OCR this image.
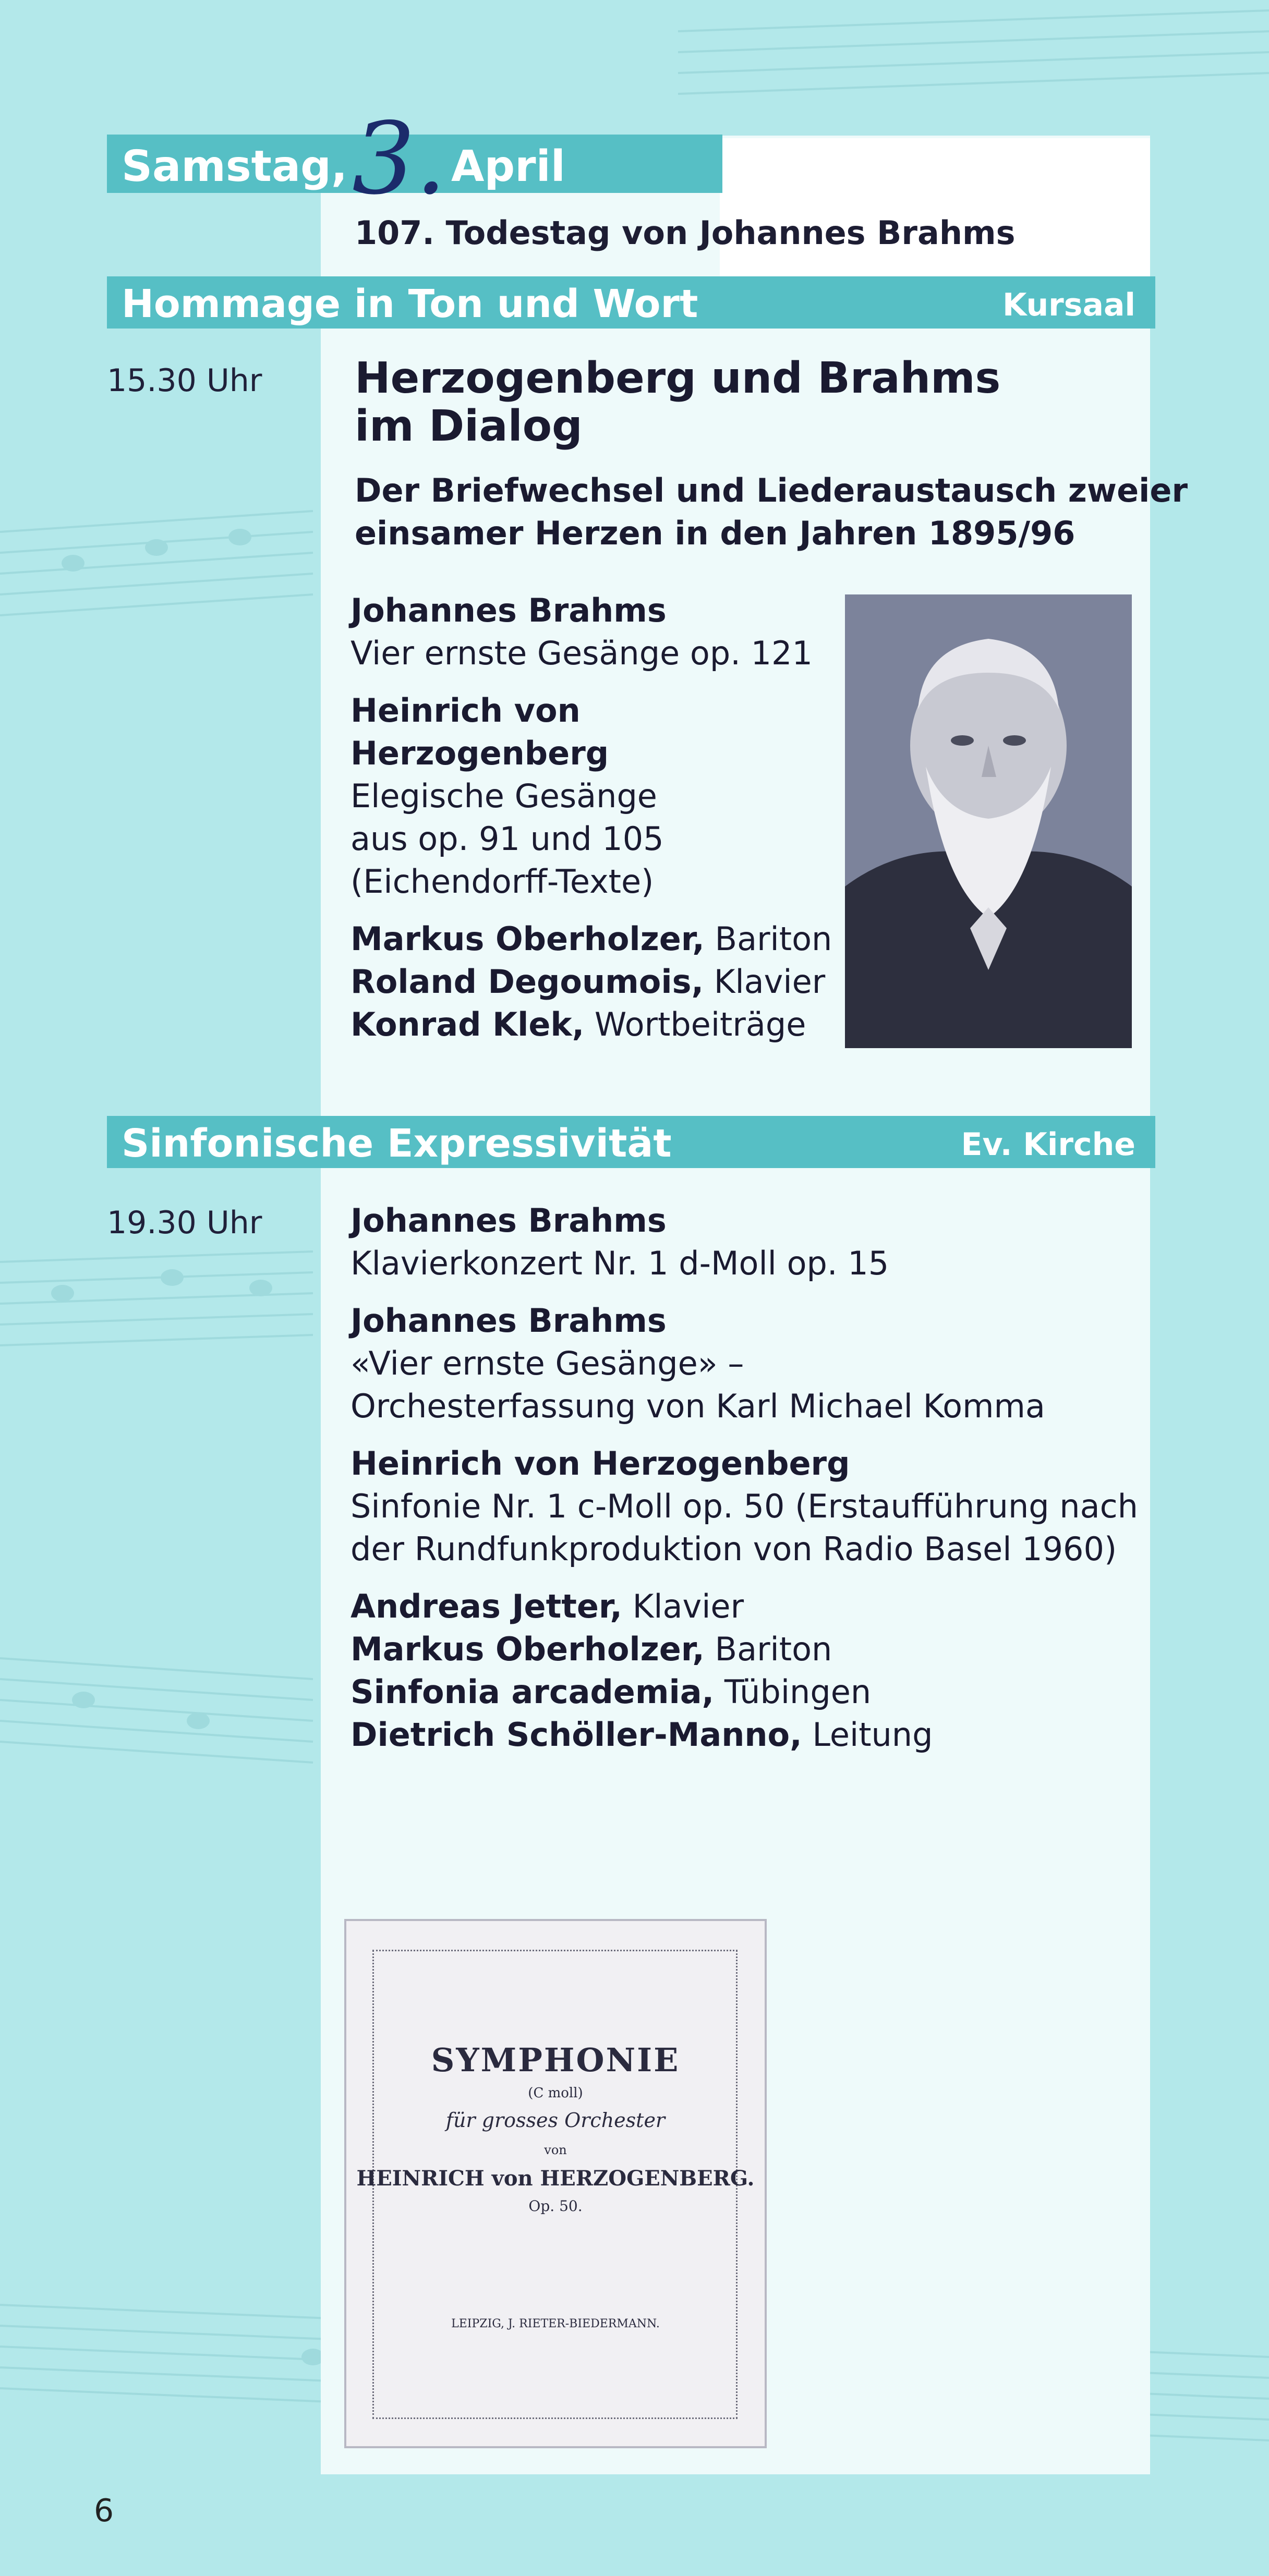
Samstag, 3. April
107. Todestag von Johannes Brahms
Hommage in Ton und Wort	Kursaal
15.30 Uhr Herzogenberg und Brahms
im Dialog
Der Briefwechsel und Liederaustausch zweier
einsamer Herzen in den Jahren 1895/96
Johannes Brahms
Vier ernste Gesänge op. 121
Heinrich von
Herzogenberg
Elegische Gesänge
aus op. 91 und 105
(Eichendorff-Texte)
Markus Oberholzer, Bariton
Roland Degoumois, Klavier
Konrad Klek, Wortbeiträge
Sinfonische Expressivität	Ev. Kirche
19.30 Uhr	Johannes Brahms
Klavierkonzert Nr. 1 d-Moll op. 15
Johannes Brahms
«Vier ernste Gesänge» –
Orchesterfassung von Karl Michael Komma
Heinrich von Herzogenberg
Sinfonie Nr. 1 c-Moll op. 50 (Erstaufführung nach
der Rundfunkproduktion von Radio Basel 1960)
Andreas Jetter, Klavier
Markus Oberholzer, Bariton
Sinfonia arcademia, Tübingen
Dietrich Schöller-Manno, Leitung
SYMPHONIE
(C moll)
für grosses Orchester
von
HEINRICH von HERZOGENBERG.
Op. 50.
LEIPZIG, J. RIETER-BIEDERMANN.
6
